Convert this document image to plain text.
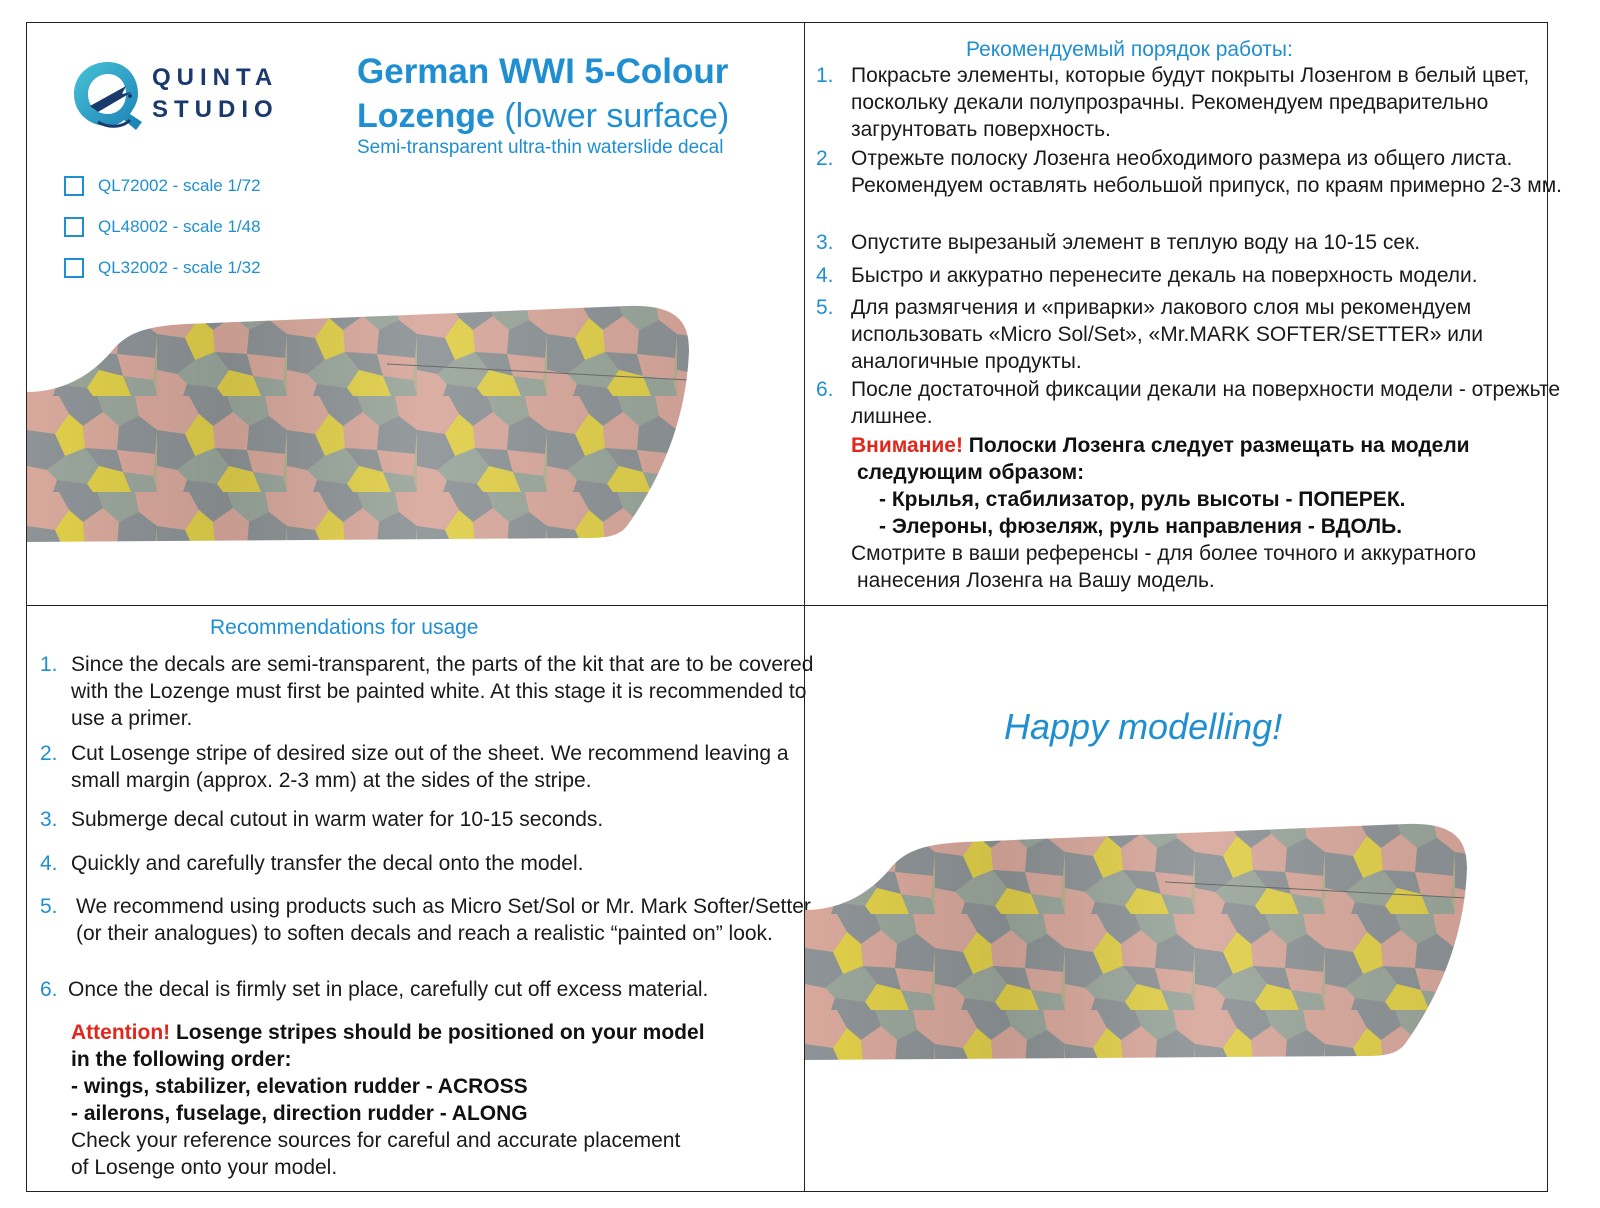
QUINTA
STUDIO
German WWI 5-Colour
Lozenge (lower surface)
Semi-transparent ultra-thin waterslide decal
QL72002 - scale 1/72
QL48002 - scale 1/48
QL32002 - scale 1/32
Рекомендуемый порядок работы:
1. Покрасьте элементы, которые будут покрыты Лозенгом в белый цвет, поскольку декали полупрозрачны. Рекомендуем предварительно загрунтовать поверхность.
2. Отрежьте полоску Лозенга необходимого размера из общего листа. Рекомендуем оставлять небольшой припуск, по краям примерно 2-3 мм.
3. Опустите вырезаный элемент в теплую воду на 10-15 сек.
4. Быстро и аккуратно перенесите декаль на поверхность модели.
5. Для размягчения и «приварки» лакового слоя мы рекомендуем использовать «Micro Sol/Set», «Mr.MARK SOFTER/SETTER» или аналогичные продукты.
6. После достаточной фиксации декали на поверхности модели - отрежьте лишнее.
Внимание! Полоски Лозенга следует размещать на модели
следующим образом:
- Крылья, стабилизатор, руль высоты - ПОПЕРЕК.
- Элероны, фюзеляж, руль направления - ВДОЛЬ.
Смотрите в ваши референсы - для более точного и аккуратного
нанесения Лозенга на Вашу модель.
Recommendations for usage
1. Since the decals are semi-transparent, the parts of the kit that are to be covered with the Lozenge must first be painted white. At this stage it is recommended to use a primer.
2. Cut Losenge stripe of desired size out of the sheet. We recommend leaving a small margin (approx. 2-3 mm) at the sides of the stripe.
3. Submerge decal cutout in warm water for 10-15 seconds.
4. Quickly and carefully transfer the decal onto the model.
5. We recommend using products such as Micro Set/Sol or Mr. Mark Softer/Setter (or their analogues) to soften decals and reach a realistic “painted on” look.
6. Once the decal is firmly set in place, carefully cut off excess material.
Attention! Losenge stripes should be positioned on your model
in the following order:
- wings, stabilizer, elevation rudder - ACROSS
- ailerons, fuselage, direction rudder - ALONG
Check your reference sources for careful and accurate placement
of Losenge onto your model.
Happy modelling!
